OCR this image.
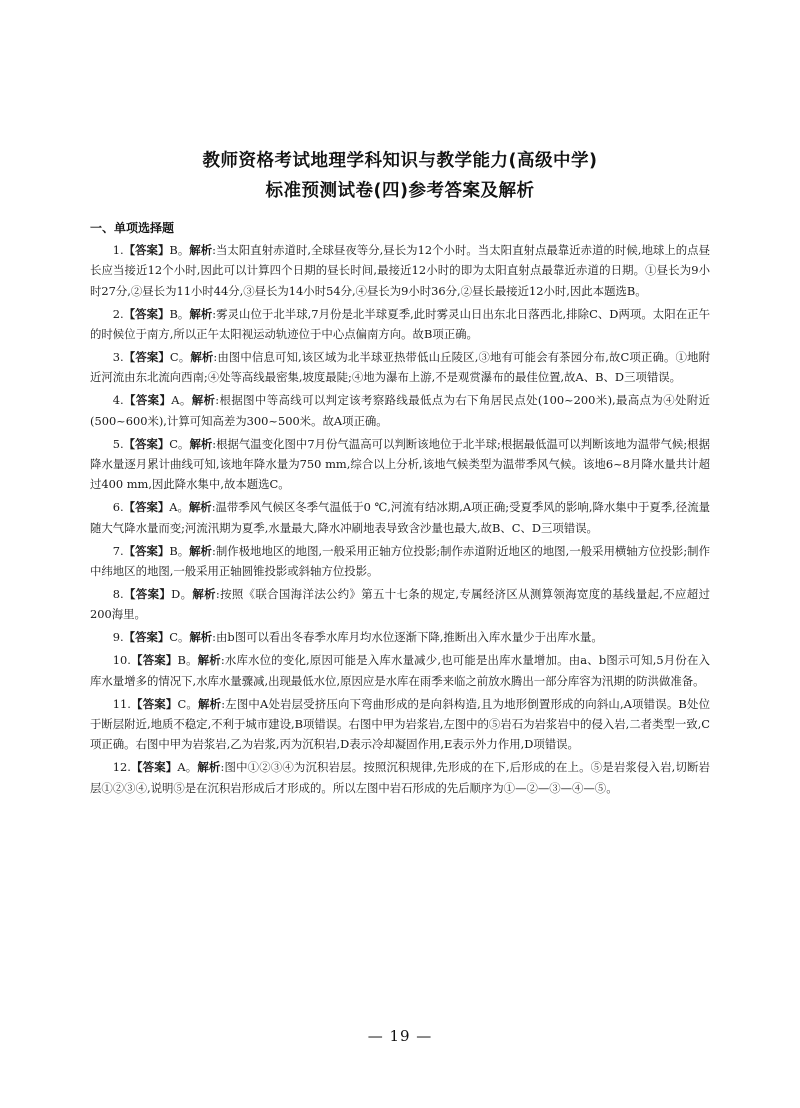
教师资格考试地理学科知识与教学能力(高级中学)
标准预测试卷(四)参考答案及解析
一、单项选择题

1.【答案】B。解析:当太阳直射赤道时,全球昼夜等分,昼长为12个小时。当太阳直射点最靠近赤道的时候,地球上的点昼长应当接近12个小时,因此可以计算四个日期的昼长时间,最接近12小时的即为太阳直射点最靠近赤道的日期。①昼长为9小时27分,②昼长为11小时44分,③昼长为14小时54分,④昼长为9小时36分,②昼长最接近12小时,因此本题选B。

2.【答案】B。解析:雾灵山位于北半球,7月份是北半球夏季,此时雾灵山日出东北日落西北,排除C、D两项。太阳在正午的时候位于南方,所以正午太阳视运动轨迹位于中心点偏南方向。故B项正确。

3.【答案】C。解析:由图中信息可知,该区域为北半球亚热带低山丘陵区,③地有可能会有茶园分布,故C项正确。①地附近河流由东北流向西南;④处等高线最密集,坡度最陡;④地为瀑布上游,不是观赏瀑布的最佳位置,故A、B、D三项错误。

4.【答案】A。解析:根据图中等高线可以判定该考察路线最低点为右下角居民点处(100~200米),最高点为④处附近(500~600米),计算可知高差为300~500米。故A项正确。

5.【答案】C。解析:根据气温变化图中7月份气温高可以判断该地位于北半球;根据最低温可以判断该地为温带气候;根据降水量逐月累计曲线可知,该地年降水量为750 mm,综合以上分析,该地气候类型为温带季风气候。该地6~8月降水量共计超过400 mm,因此降水集中,故本题选C。

6.【答案】A。解析:温带季风气候区冬季气温低于0 ℃,河流有结冰期,A项正确;受夏季风的影响,降水集中于夏季,径流量随大气降水量而变;河流汛期为夏季,水量最大,降水冲刷地表导致含沙量也最大,故B、C、D三项错误。

7.【答案】B。解析:制作极地地区的地图,一般采用正轴方位投影;制作赤道附近地区的地图,一般采用横轴方位投影;制作中纬地区的地图,一般采用正轴圆锥投影或斜轴方位投影。

8.【答案】D。解析:按照《联合国海洋法公约》第五十七条的规定,专属经济区从测算领海宽度的基线量起,不应超过200海里。

9.【答案】C。解析:由b图可以看出冬春季水库月均水位逐渐下降,推断出入库水量少于出库水量。

10.【答案】B。解析:水库水位的变化,原因可能是入库水量减少,也可能是出库水量增加。由a、b图示可知,5月份在入库水量增多的情况下,水库水量骤减,出现最低水位,原因应是水库在雨季来临之前放水腾出一部分库容为汛期的防洪做准备。

11.【答案】C。解析:左图中A处岩层受挤压向下弯曲形成的是向斜构造,且为地形倒置形成的向斜山,A项错误。B处位于断层附近,地质不稳定,不利于城市建设,B项错误。右图中甲为岩浆岩,左图中的⑤岩石为岩浆岩中的侵入岩,二者类型一致,C项正确。右图中甲为岩浆岩,乙为岩浆,丙为沉积岩,D表示冷却凝固作用,E表示外力作用,D项错误。

12.【答案】A。解析:图中①②③④为沉积岩层。按照沉积规律,先形成的在下,后形成的在上。⑤是岩浆侵入岩,切断岩层①②③④,说明⑤是在沉积岩形成后才形成的。所以左图中岩石形成的先后顺序为①—②—③—④—⑤。

— 19 —
